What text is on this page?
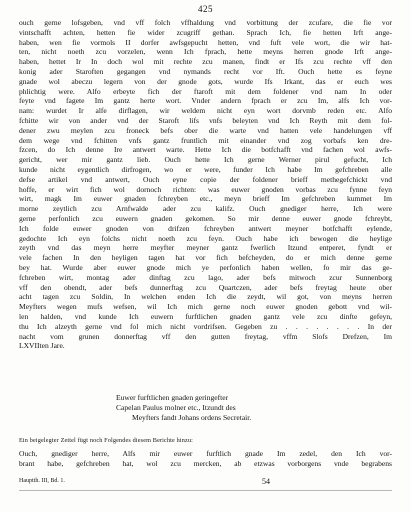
425

ouch gerne lofsgeben, vnd vff folch vffhaldung vnd vorbittung der zcufare, die fie vor
vintschafft achten, hetten fie wider zcugriff gethan. Sprach Ich, fie hetten Irft ange-
haben, wen fie vormols II dorfer awfsgepucht hetten, vnd fuft vele wort, die wir hat-
ten, nicht noeth zcu vorzelen, wenn Ich fprach, hette meyns herren gnode Irft ange-
haben, hettet Ir In doch wol mit rechte zcu manen, findt er Ifs zcu rechte vff den
konig ader Staroften gegangen vnd nymands recht vor Ift. Ouch hette es feyne
gnade wol abeczu legern von der gnode gots, wurde Ifs Irkant, das er euch wes
phlichtig were. Alfo erbeyte fich der ftaroft mit dem foldener vnd nam In oder
feyte vnd fagete Im gantz herte wort. Vnder andern fprach er zcu Im, alfs Ich vor-
nam: wurdet Ir alfe dirflagen, wir weldem nicht eyn wort dorvmb reden etc. Alfo
fchitte wir von ander vnd der Staroft lifs vnfs beleyten vnd Ich Reyth mit dem fol-
dener zwu meylen zcu froneck befs ober die warte vnd hatten vele handelungen vff
dem wege vnd fchitten vnfs gantz fruntlich mit einander vnd zog vorbafs ken dre-
fzcen, do Ich denne Ire antwert warte. Hette Ich die botfchafft vnd fachen wol awfs-
gericht, wer mir gantz lieb. Ouch hette Ich gerne Werner pirul gefucht, Ich
kunde nicht eygentlich dirfrogen, wo er were, funder Ich habe Im gefchreben alle
defse artikel vnd antwert, Ouch eyne copie der foldener brieff methegefchickt vnd
hoffe, er wirt fich wol dornoch richten: was euwer gnoden vorbas zcu fynne feyn
wirt, magk Im euwer gnaden fchreyben etc., meyn brieff Im gefchreben kummet Im
morne zeytlich zcu Arnfwalde ader zcu kalifz. Ouch gnediger herre, Ich were
gerne perfonlich zcu euwern gnaden gekomen. So mir denne euwer gnode fchreybt,
Ich folde euwer gnoden von drifzen fchreyben antwert meyner botfchafft eylende,
gedochte Ich eyn folchs nicht noeth zcu feyn. Ouch habe ich bewogen die heylige
zeyth vnd das meyn herre meyfter meyner gantz fwerlich Itzund entperet, fyndt er
vele fachen In den heyligen tagen hat vor fich befcheyden, do er mich denne gerne
bey hat. Wurde aber euwer gnode mich ye perfonlich haben wellen, fo mir das ge-
fchreben wirt, montag ader dinftag zcu lago, ader befs mitwoch zcur Sunnenborg
vff den obendt, ader befs dunnerftag zcu Quartczen, ader befs freytag heute ober
acht tagen zcu Soldin, In welchen enden Ich die zeydt, wil got, von meyns herren
Meyfters wegen mufs wefsen, wil Ich mich gerne noch euwer gnoden gebott vnd wil-
len halden, vnd kunde Ich euwern furftlichen gnaden gantz vele zcu dinfte gefeyn,
thu Ich alzeyth gerne vnd fol mich nicht vordrifsen. Gegeben zu . . . . . . . . In der
nacht vom grunen donnerftag vff den gutten freytag, vffm Slofs Drefzen, Im
LXVIIten Jare.

Euwer furftlichen gnaden geringefter
Capelan Paulus molner etc., Itzundt des
Meyfters fandt Johans ordens Secretair.
Ein beigelegter Zettel fügt noch Folgendes diesem Berichte hinzu:
Ouch, gnediger herre, Alfs mir euwer furftlich gnade Im zedel, den Ich vor-
brant habe, gefchreben hat, wol zcu mercken, ab etzwas vorborgens vnde begrabens
Hauptth. III, Bd. 1.	54
